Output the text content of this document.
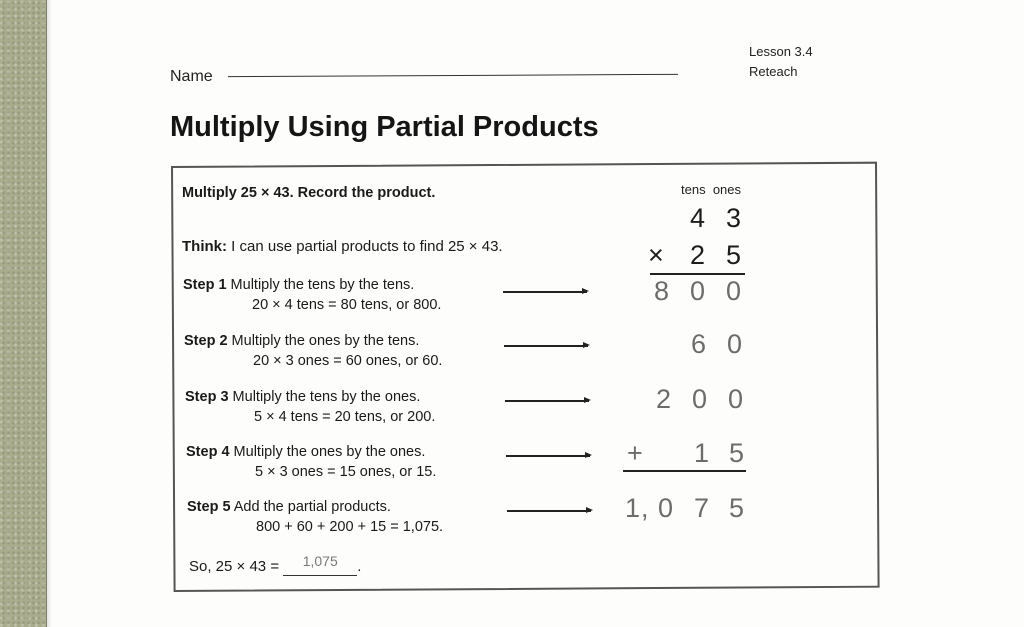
Lesson 3.4
Reteach
Name
Multiply Using Partial Products
Multiply 25 × 43. Record the product.
Think: I can use partial products to find 25 × 43.
Step 1 Multiply the tens by the tens.
20 × 4 tens = 80 tens, or 800.
Step 2 Multiply the ones by the tens.
20 × 3 ones = 60 ones, or 60.
Step 3 Multiply the tens by the ones.
5 × 4 tens = 20 tens, or 200.
Step 4 Multiply the ones by the ones.
5 × 3 ones = 15 ones, or 15.
Step 5 Add the partial products.
800 + 60 + 200 + 15 = 1,075.
tens ones
4 3
× 2 5
8 0 0
6 0
2 0 0
+ 1 5
1 , 0 7 5
So, 25 × 43 = 1,075 .
